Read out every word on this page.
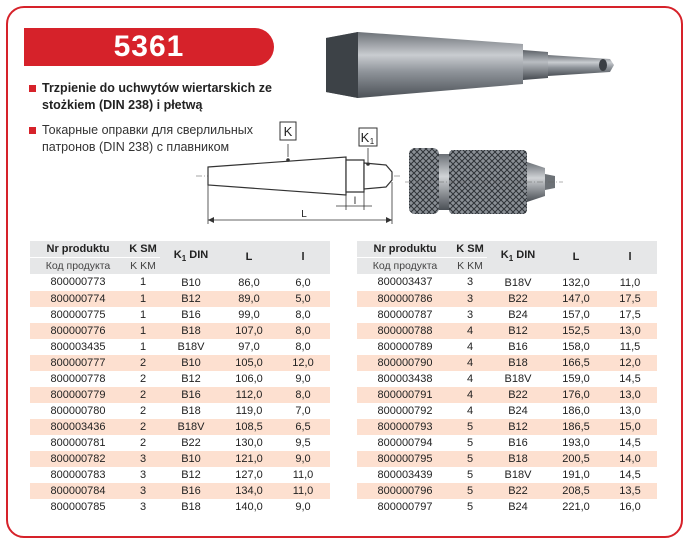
5361
Trzpienie do uchwytów wiertarskich ze stożkiem (DIN 238) i płetwą
Токарные оправки для сверлильных патронов (DIN 238) с плавником
K	K 1
L
l
Nr produktu	K SM	$K_1$ DIN	L	l
Код продукта	K KM			
800000773	1	B10	86,0	6,0
800000774	1	B12	89,0	5,0
800000775	1	B16	99,0	8,0
800000776	1	B18	107,0	8,0
800003435	1	B18V	97,0	8,0
800000777	2	B10	105,0	12,0
800000778	2	B12	106,0	9,0
800000779	2	B16	112,0	8,0
800000780	2	B18	119,0	7,0
800003436	2	B18V	108,5	6,5
800000781	2	B22	130,0	9,5
800000782	3	B10	121,0	9,0
800000783	3	B12	127,0	11,0
800000784	3	B16	134,0	11,0
800000785	3	B18	140,0	9,0
Nr produktu	K SM	$K_1$ DIN	L	l
Код продукта	K KM			
800003437	3	B18V	132,0	11,0
800000786	3	B22	147,0	17,5
800000787	3	B24	157,0	17,5
800000788	4	B12	152,5	13,0
800000789	4	B16	158,0	11,5
800000790	4	B18	166,5	12,0
800003438	4	B18V	159,0	14,5
800000791	4	B22	176,0	13,0
800000792	4	B24	186,0	13,0
800000793	5	B12	186,5	15,0
800000794	5	B16	193,0	14,5
800000795	5	B18	200,5	14,0
800003439	5	B18V	191,0	14,5
800000796	5	B22	208,5	13,5
800000797	5	B24	221,0	16,0
